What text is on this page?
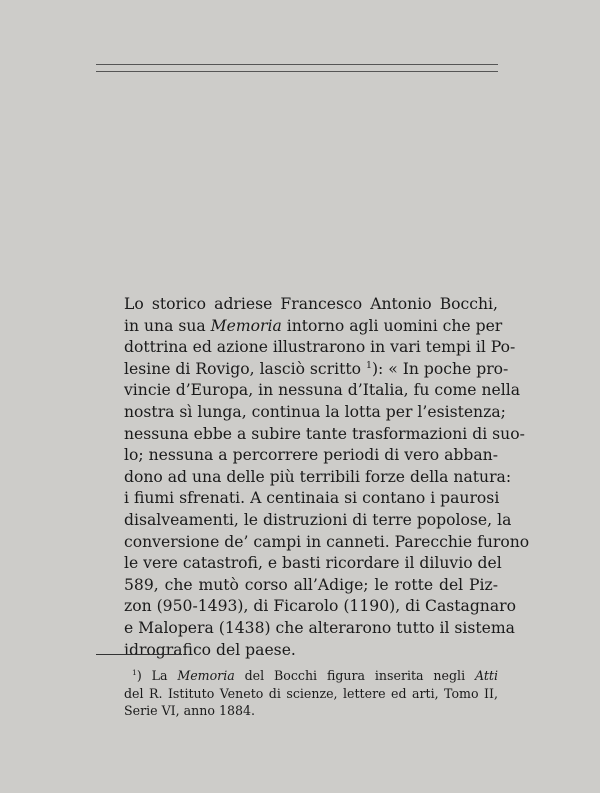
Lo storico adriese Francesco Antonio Bocchi,
in una sua Memoria intorno agli uomini che per
dottrina ed azione illustrarono in vari tempi il Po-
lesine di Rovigo, lasciò scritto $^1$): « In poche pro-
vincie d’Europa, in nessuna d’Italia, fu come nella
nostra sì lunga, continua la lotta per l’esistenza;
nessuna ebbe a subire tante trasformazioni di suo-
lo; nessuna a percorrere periodi di vero abban-
dono ad una delle più terribili forze della natura:
i fiumi sfrenati. A centinaia si contano i paurosi
disalveamenti, le distruzioni di terre popolose, la
conversione de’ campi in canneti. Parecchie furono
le vere catastrofi, e basti ricordare il diluvio del
589, che mutò corso all’Adige; le rotte del Piz-
zon (950-1493), di Ficarolo (1190), di Castagnaro
e Malopera (1438) che alterarono tutto il sistema
idrografico del paese.
$^1$) La Memoria del Bocchi figura inserita negli Atti
del R. Istituto Veneto di scienze, lettere ed arti, Tomo II,
Serie VI, anno 1884.
